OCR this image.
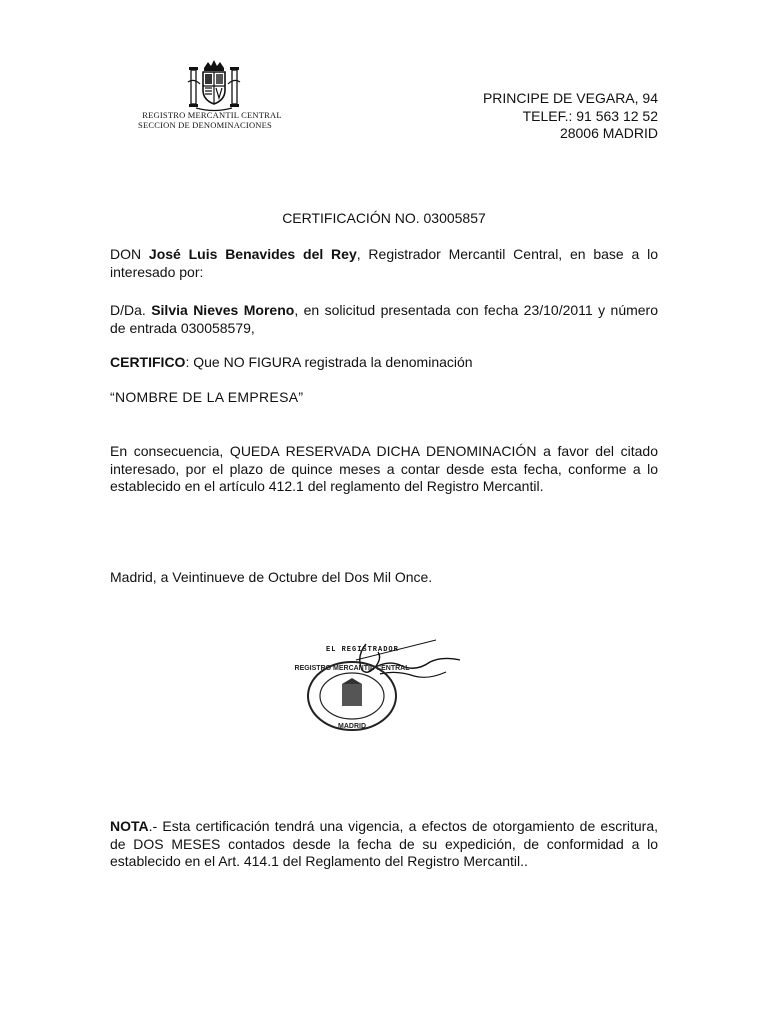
REGISTRO MERCANTIL CENTRAL
SECCION DE DENOMINACIONES
PRINCIPE DE VEGARA, 94
TELEF.: 91 563 12 52
28006 MADRID
CERTIFICACIÓN NO. 03005857
DON José Luis Benavides del Rey, Registrador Mercantil Central, en base a lo interesado por:
D/Da. Silvia Nieves Moreno, en solicitud presentada con fecha 23/10/2011 y número de entrada 030058579,
CERTIFICO: Que NO FIGURA registrada la denominación
“NOMBRE DE LA EMPRESA”
En consecuencia, QUEDA RESERVADA DICHA DENOMINACIÓN a favor del citado interesado, por el plazo de quince meses a contar desde esta fecha, conforme a lo establecido en el artículo 412.1 del reglamento del Registro Mercantil.
Madrid, a Veintinueve de Octubre del Dos Mil Once.
EL REGISTRADOR
REGISTRO MERCANTIL CENTRAL
MADRID
NOTA.- Esta certificación tendrá una vigencia, a efectos de otorgamiento de escritura, de DOS MESES contados desde la fecha de su expedición, de conformidad a lo establecido en el Art. 414.1 del Reglamento del Registro Mercantil..
